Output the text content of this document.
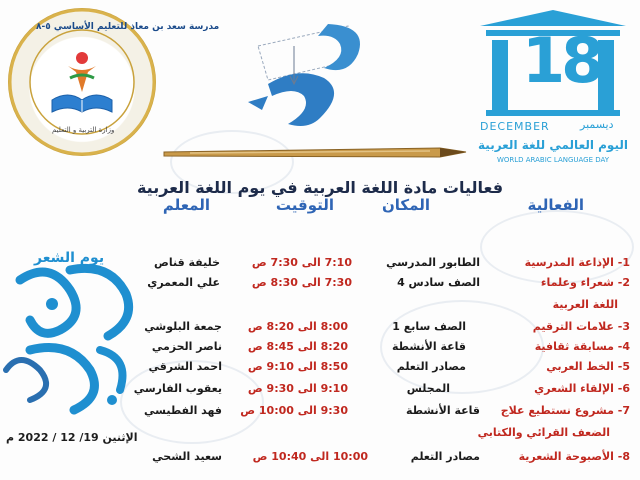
مدرسة سعد بن معاذ للتعليم الأساسي ٥-٨
وزارة التربية و التعليم
18
DECEMBER	ديسمبر
اليوم العالمي للغة العربية
WORLD ARABIC LANGUAGE DAY
فعاليات مادة اللغة العربية في يوم اللغة العربية
الفعالية
المكان
التوقيت
المعلم
1- الإذاعة المدرسية
الطابور المدرسي
7:10 الى 7:30 ص
خليفة قناص
2- شعراء وعلماء
الصف سادس 4
7:30 الى 8:30 ص
علي المعمري
اللغة العربية
3- علامات الترقيم
الصف سابع 1
8:00 الى 8:20 ص
جمعة البلوشي
4- مسابقة ثقافية
قاعة الأنشطة
8:20 الى 8:45 ص
ناصر الحزمي
5- الخط العربي
مصادر التعلم
8:50 الى 9:10 ص
احمد الشرقي
6- الإلقاء الشعري
المجلس
9:10 الى 9:30 ص
يعقوب الفارسي
7- مشروع نستطيع علاج
قاعة الأنشطة
9:30 الى 10:00 ص
فهد الفطيسي
الضعف القرائي والكتابي
8- الأصبوحة الشعرية
مصادر التعلم
10:00 الى 10:40 ص
سعيد الشحي
يوم الشعر
الإثنين 19/ 12 / 2022 م
